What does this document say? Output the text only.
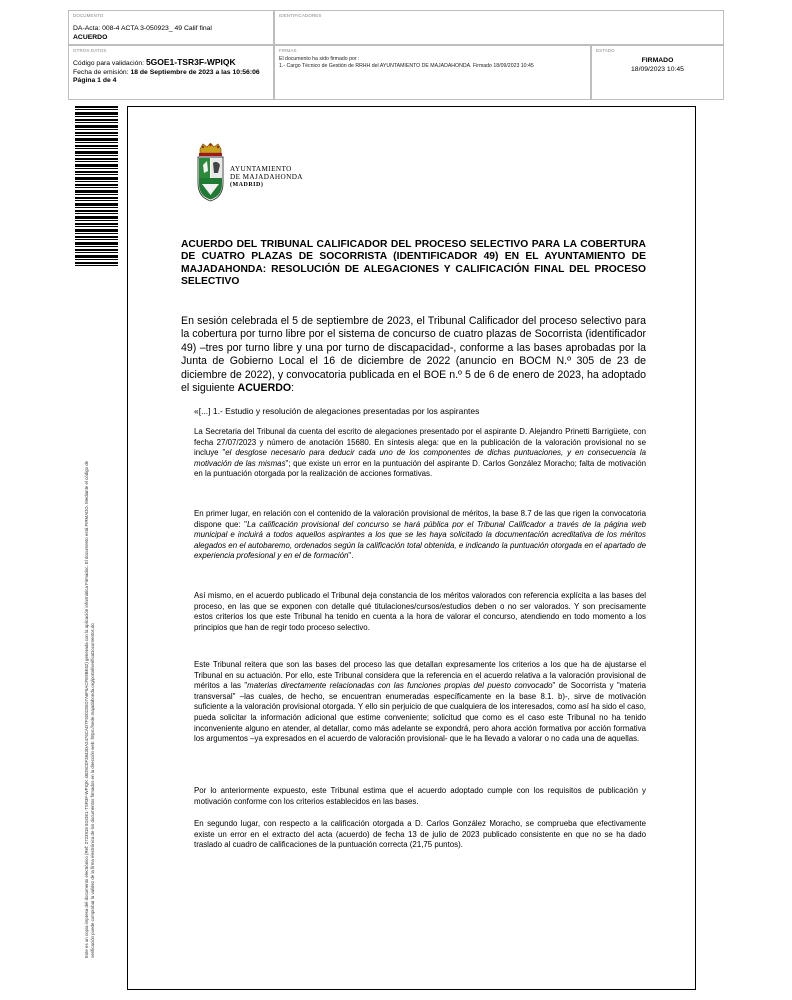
DOCUMENTO
DA-Acta: 008-4 ACTA 3-050923_ 49 Calif final
ACUERDO
IDENTIFICADORES
OTROS DATOS
Código para validación: 5GOE1-TSR3F-WPIQK
Fecha de emisión: 18 de Septiembre de 2023 a las 10:56:06
Página 1 de 4
FIRMAS
El documento ha sido firmado por :
1.- Cargo Técnico de Gestión de RRHH del AYUNTAMIENTO DE MAJADAHONDA. Firmado 18/09/2023 10:45
ESTADO
FIRMADO
18/09/2023 10:45
Este es un copia impresa del documento electrónico (Ref: 2723918 5GOE1-TSR3F-WPIQK 45D9C0F3843DA2476CAD7F92022ED7A6F5ACFE9BE62) generada con la aplicación informática Firmadoc. El documento está FIRMADO. Mediante el código de verificación puede comprobar la validez de la firma electrónica de los documentos firmados en la dirección web: https://sede.majadahonda.org/portal/verificaDocumentos.do
AYUNTAMIENTO
DE MAJADAHONDA
(MADRID)
ACUERDO DEL TRIBUNAL CALIFICADOR DEL PROCESO SELECTIVO PARA LA COBERTURA DE CUATRO PLAZAS DE SOCORRISTA (IDENTIFICADOR 49) EN EL AYUNTAMIENTO DE MAJADAHONDA: RESOLUCIÓN DE ALEGACIONES Y CALIFICACIÓN FINAL DEL PROCESO SELECTIVO
En sesión celebrada el 5 de septiembre de 2023, el Tribunal Calificador del proceso selectivo para la cobertura por turno libre por el sistema de concurso de cuatro plazas de Socorrista (identificador 49) –tres por turno libre y una por turno de discapacidad-, conforme a las bases aprobadas por la Junta de Gobierno Local el 16 de diciembre de 2022 (anuncio en BOCM N.º 305 de 23 de diciembre de 2022), y convocatoria publicada en el BOE n.º 5 de 6 de enero de 2023, ha adoptado el siguiente ACUERDO:
«[...] 1.- Estudio y resolución de alegaciones presentadas por los aspirantes
La Secretaria del Tribunal da cuenta del escrito de alegaciones presentado por el aspirante D. Alejandro Prinetti Barrigüete, con fecha 27/07/2023 y número de anotación 15680. En síntesis alega: que en la publicación de la valoración provisional no se incluye "el desglose necesario para deducir cada uno de los componentes de dichas puntuaciones, y en consecuencia la motivación de las mismas"; que existe un error en la puntuación del aspirante D. Carlos González Moracho; falta de motivación en la puntuación otorgada por la realización de acciones formativas.
En primer lugar, en relación con el contenido de la valoración provisional de méritos, la base 8.7 de las que rigen la convocatoria dispone que: "La calificación provisional del concurso se hará pública por el Tribunal Calificador a través de la página web municipal e incluirá a todos aquellos aspirantes a los que se les haya solicitado la documentación acreditativa de los méritos alegados en el autobaremo, ordenados según la calificación total obtenida, e indicando la puntuación otorgada en el apartado de experiencia profesional y en el de formación".
Así mismo, en el acuerdo publicado el Tribunal deja constancia de los méritos valorados con referencia explícita a las bases del proceso, en las que se exponen con detalle qué titulaciones/cursos/estudios deben o no ser valorados. Y son precisamente estos criterios los que este Tribunal ha tenido en cuenta a la hora de valorar el concurso, atendiendo en todo momento a los principios que han de regir todo proceso selectivo.
Este Tribunal reitera que son las bases del proceso las que detallan expresamente los criterios a los que ha de ajustarse el Tribunal en su actuación. Por ello, este Tribunal considera que la referencia en el acuerdo relativa a la valoración provisional de méritos a las "materias directamente relacionadas con las funciones propias del puesto convocado" de Socorrista y "materia transversal" –las cuales, de hecho, se encuentran enumeradas específicamente en la base 8.1. b)-, sirve de motivación suficiente a la valoración provisional otorgada. Y ello sin perjuicio de que cualquiera de los interesados, como así ha sido el caso, pueda solicitar la información adicional que estime conveniente; solicitud que como es el caso este Tribunal no ha tenido inconveniente alguno en atender, al detallar, como más adelante se expondrá, pero ahora acción formativa por acción formativa los argumentos –ya expresados en el acuerdo de valoración provisional- que le ha llevado a valorar o no cada una de aquellas.
Por lo anteriormente expuesto, este Tribunal estima que el acuerdo adoptado cumple con los requisitos de publicación y motivación conforme con los criterios establecidos en las bases.
En segundo lugar, con respecto a la calificación otorgada a D. Carlos González Moracho, se comprueba que efectivamente existe un error en el extracto del acta (acuerdo) de fecha 13 de julio de 2023 publicado consistente en que no se ha dado traslado al cuadro de calificaciones de la puntuación correcta (21,75 puntos).
